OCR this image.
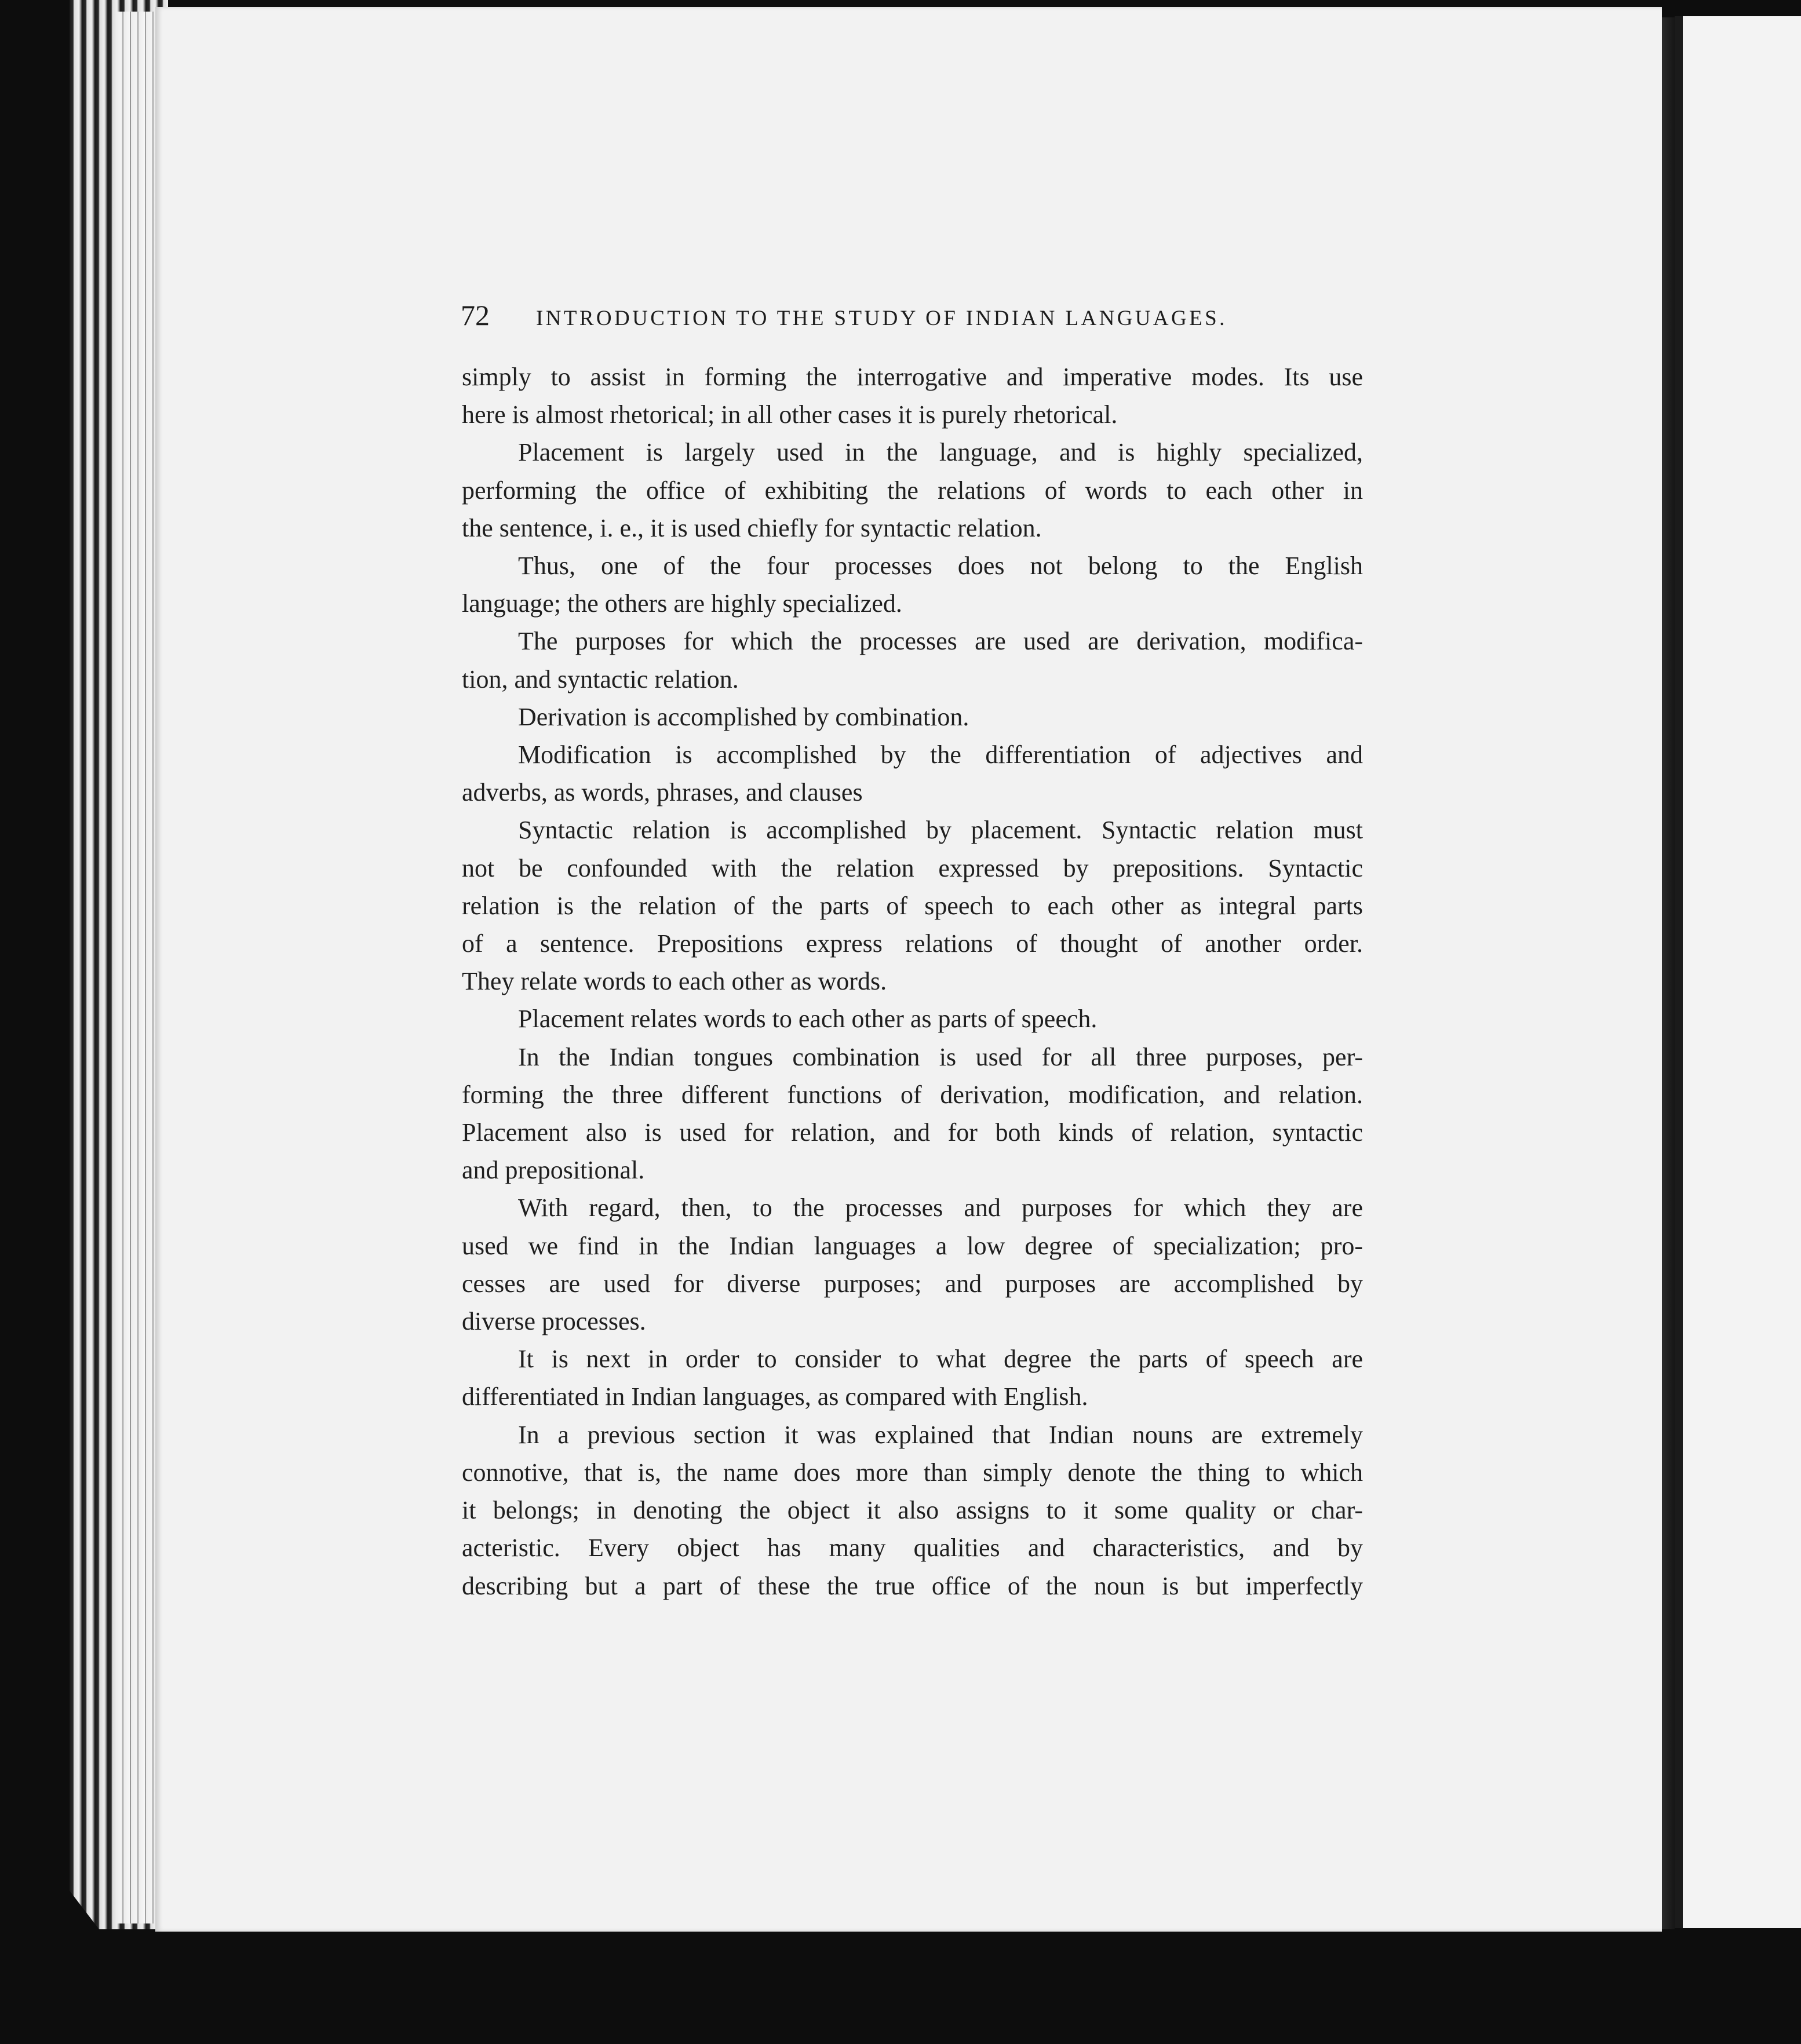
72	INTRODUCTION TO THE STUDY OF INDIAN LANGUAGES.

simply to assist in forming the interrogative and imperative modes. Its use
here is almost rhetorical; in all other cases it is purely rhetorical.

Placement is largely used in the language, and is highly specialized,
performing the office of exhibiting the relations of words to each other in
the sentence, i. e., it is used chiefly for syntactic relation.

Thus, one of the four processes does not belong to the English
language; the others are highly specialized.

The purposes for which the processes are used are derivation, modifica-
tion, and syntactic relation.

Derivation is accomplished by combination.

Modification is accomplished by the differentiation of adjectives and
adverbs, as words, phrases, and clauses

Syntactic relation is accomplished by placement. Syntactic relation must
not be confounded with the relation expressed by prepositions. Syntactic
relation is the relation of the parts of speech to each other as integral parts
of a sentence. Prepositions express relations of thought of another order.
They relate words to each other as words.

Placement relates words to each other as parts of speech.

In the Indian tongues combination is used for all three purposes, per-
forming the three different functions of derivation, modification, and relation.
Placement also is used for relation, and for both kinds of relation, syntactic
and prepositional.

With regard, then, to the processes and purposes for which they are
used we find in the Indian languages a low degree of specialization; pro-
cesses are used for diverse purposes; and purposes are accomplished by
diverse processes.

It is next in order to consider to what degree the parts of speech are
differentiated in Indian languages, as compared with English.

In a previous section it was explained that Indian nouns are extremely
connotive, that is, the name does more than simply denote the thing to which
it belongs; in denoting the object it also assigns to it some quality or char-
acteristic. Every object has many qualities and characteristics, and by
describing but a part of these the true office of the noun is but imperfectly
